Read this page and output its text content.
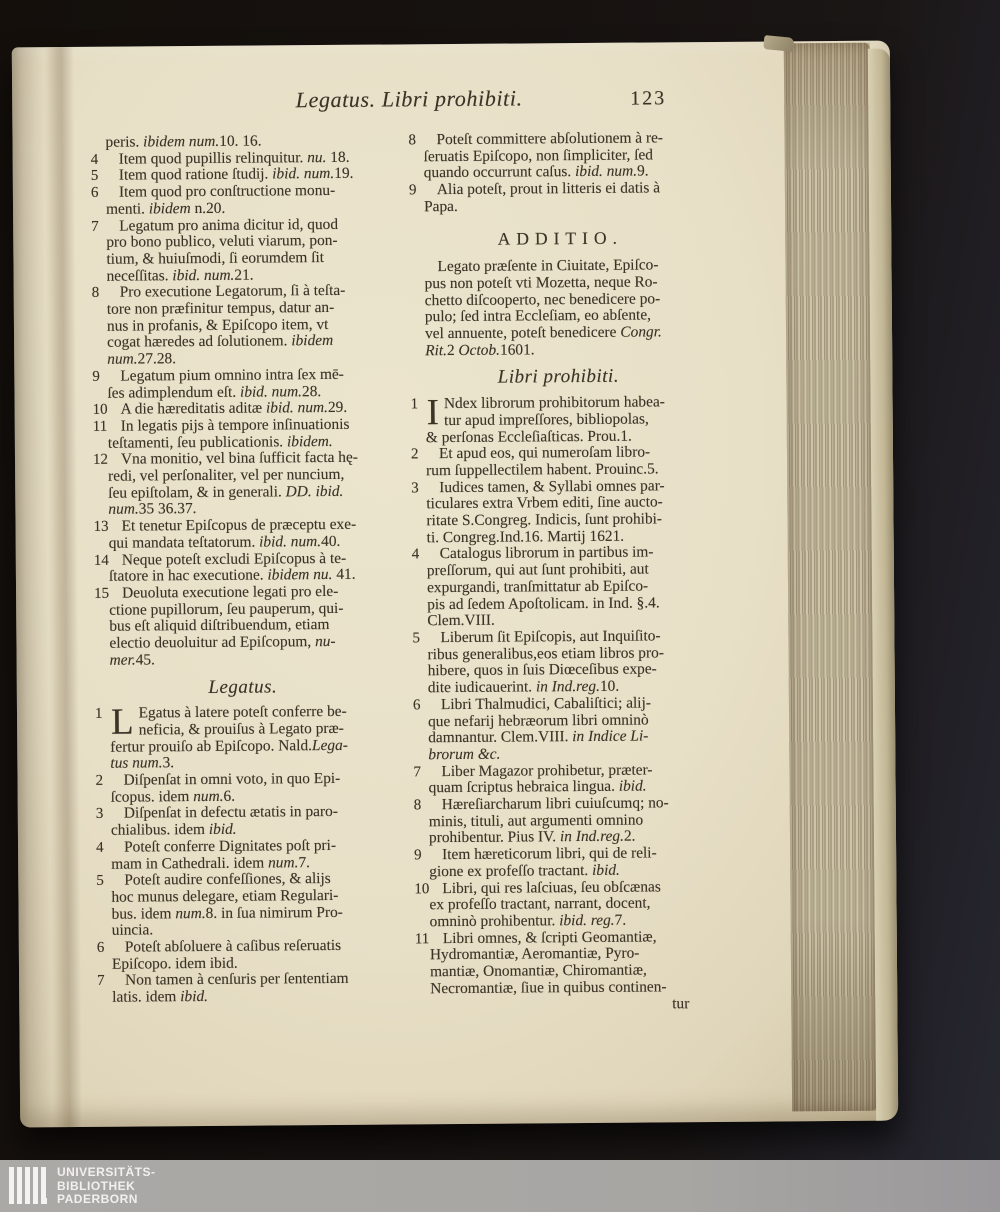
Legatus. Libri prohibiti.	123
peris. ibidem num.10. 16.
4	Item quod pupillis relinquitur. nu. 18.
5	Item quod ratione ſtudij. ibid. num.19.
6	Item quod pro conſtructione monu-
menti. ibidem n.20.
7	Legatum pro anima dicitur id, quod
pro bono publico, veluti viarum, pon-
tium, & huiuſmodi, ſi eorumdem ſit
neceſſitas. ibid. num.21.
8	Pro executione Legatorum, ſi à teſta-
tore non præfinitur tempus, datur an-
nus in profanis, & Epiſcopo item, vt
cogat hæredes ad ſolutionem. ibidem
num.27.28.
9	Legatum pium omnino intra ſex mē-
ſes adimplendum eſt. ibid. num.28.
10 A die hæreditatis aditæ ibid. num.29.
11 In legatis pijs à tempore inſinuationis
teſtamenti, ſeu publicationis. ibidem.
12 Vna monitio, vel bina ſufficit facta hę-
redi, vel perſonaliter, vel per nuncium,
ſeu epiſtolam, & in generali. DD. ibid.
num.35 36.37.
13 Et tenetur Epiſcopus de præceptu exe-
qui mandata teſtatorum. ibid. num.40.
14 Neque poteſt excludi Epiſcopus à te-
ſtatore in hac executione. ibidem nu. 41.
15 Deuoluta executione legati pro ele-
ctione pupillorum, ſeu pauperum, qui-
bus eſt aliquid diſtribuendum, etiam
electio deuoluitur ad Epiſcopum, nu-
mer.45.
Legatus.
1 L Egatus à latere poteſt conferre be-
neficia, & prouiſus à Legato præ-
fertur prouiſo ab Epiſcopo. Nald.Lega-
tus num.3.
2	Diſpenſat in omni voto, in quo Epi-
ſcopus. idem num.6.
3	Diſpenſat in defectu ætatis in paro-
chialibus. idem ibid.
4	Poteſt conferre Dignitates poſt pri-
mam in Cathedrali. idem num.7.
5	Poteſt audire confeſſiones, & alijs
hoc munus delegare, etiam Regulari-
bus. idem num.8. in ſua nimirum Pro-
uincia.
6	Poteſt abſoluere à caſibus reſeruatis
Epiſcopo. idem ibid.
7	Non tamen à cenſuris per ſententiam
latis. idem ibid.
8	Poteſt committere abſolutionem à re-
ſeruatis Epiſcopo, non ſimpliciter, ſed
quando occurrunt caſus. ibid. num.9.
9	Alia poteſt, prout in litteris ei datis à
Papa.
ADDITIO.
Legato præſente in Ciuitate, Epiſco-
pus non poteſt vti Mozetta, neque Ro-
chetto diſcooperto, nec benedicere po-
pulo; ſed intra Eccleſiam, eo abſente,
vel annuente, poteſt benedicere Congr.
Rit.2 Octob.1601.
Libri prohibiti.
1 I Ndex librorum prohibitorum habea-
tur apud impreſſores, bibliopolas,
& perſonas Eccleſiaſticas. Prou.1.
2	Et apud eos, qui numeroſam libro-
rum ſuppellectilem habent. Prouinc.5.
3	Iudices tamen, & Syllabi omnes par-
ticulares extra Vrbem editi, ſine aucto-
ritate S.Congreg. Indicis, ſunt prohibi-
ti. Congreg.Ind.16. Martij 1621.
4	Catalogus librorum in partibus im-
preſſorum, qui aut ſunt prohibiti, aut
expurgandi, tranſmittatur ab Epiſco-
pis ad ſedem Apoſtolicam. in Ind. §.4.
Clem.VIII.
5	Liberum ſit Epiſcopis, aut Inquiſito-
ribus generalibus,eos etiam libros pro-
hibere, quos in ſuis Diœceſibus expe-
dite iudicauerint. in Ind.reg.10.
6	Libri Thalmudici, Cabaliſtici; alij-
que nefarij hebræorum libri omninò
damnantur. Clem.VIII. in Indice Li-
brorum &c.
7	Liber Magazor prohibetur, præter-
quam ſcriptus hebraica lingua. ibid.
8	Hæreſiarcharum libri cuiuſcumq; no-
minis, tituli, aut argumenti omnino
prohibentur. Pius IV. in Ind.reg.2.
9	Item hæreticorum libri, qui de reli-
gione ex profeſſo tractant. ibid.
10 Libri, qui res laſciuas, ſeu obſcænas
ex profeſſo tractant, narrant, docent,
omninò prohibentur. ibid. reg.7.
11 Libri omnes, & ſcripti Geomantiæ,
Hydromantiæ, Aeromantiæ, Pyro-
mantiæ, Onomantiæ, Chiromantiæ,
Necromantiæ, ſiue in quibus continen-
tur
UNIVERSITÄTS-
BIBLIOTHEK
PADERBORN
